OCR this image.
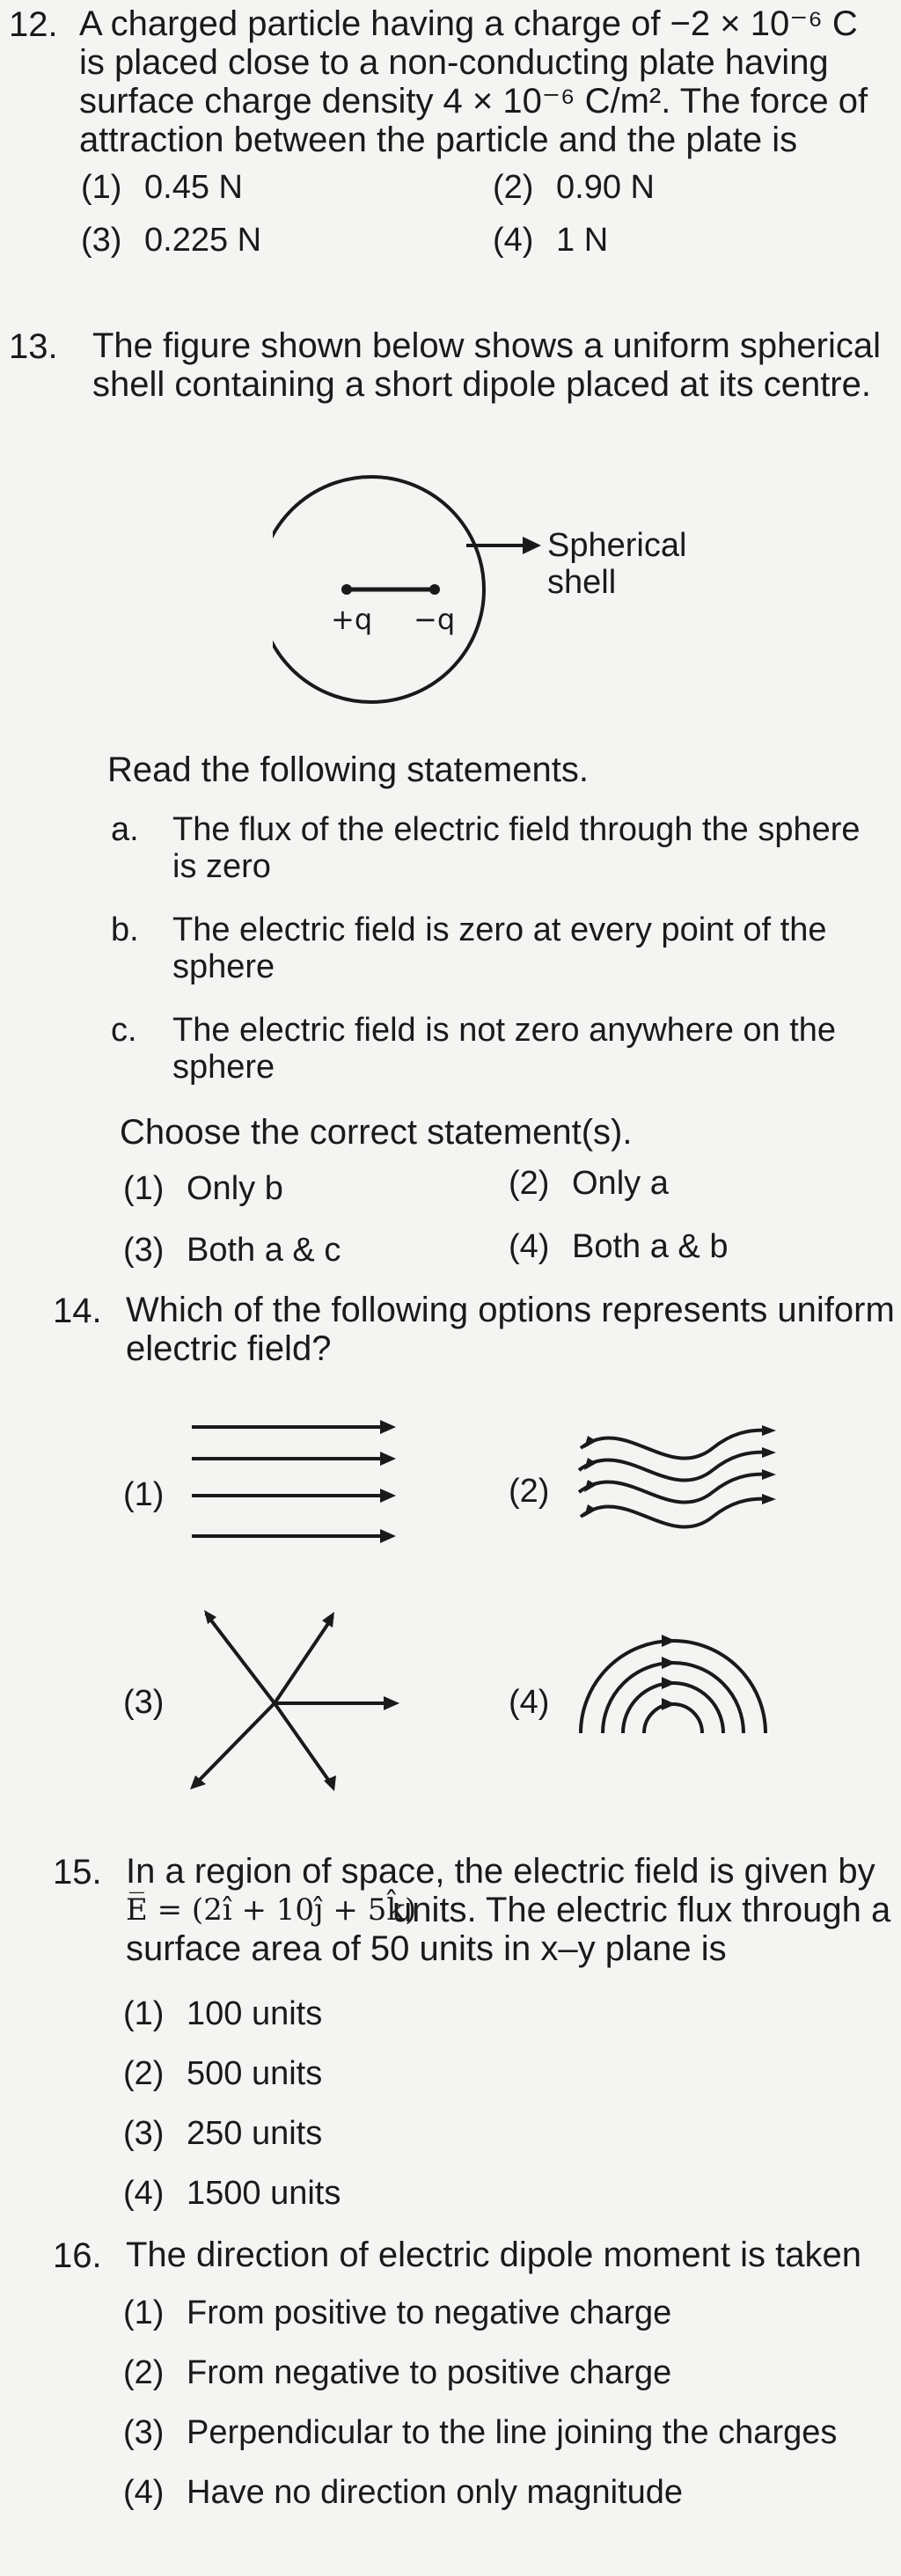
12. A charged particle having a charge of −2 × 10⁻⁶ C
is placed close to a non-conducting plate having
surface charge density 4 × 10⁻⁶ C/m². The force of
attraction between the particle and the plate is
(1) 0.45 N	(2) 0.90 N
(3) 0.225 N	(4) 1 N
13. The figure shown below shows a uniform spherical
shell containing a short dipole placed at its centre.
+q −q
Spherical
shell
Read the following statements.
a. The flux of the electric field through the sphere
is zero
b. The electric field is zero at every point of the
sphere
c. The electric field is not zero anywhere on the
sphere
Choose the correct statement(s).
(1) Only b	(2) Only a
(3) Both a & c	(4) Both a & b
14. Which of the following options represents uniform
electric field?
(1)	(2)
(3)	(4)
15. In a region of space, the electric field is given by
E̅ = (2î + 10ĵ + 5k̂)
units. The electric flux through a
surface area of 50 units in x–y plane is
(1) 100 units
(2) 500 units
(3) 250 units
(4) 1500 units
16. The direction of electric dipole moment is taken
(1) From positive to negative charge
(2) From negative to positive charge
(3) Perpendicular to the line joining the charges
(4) Have no direction only magnitude
